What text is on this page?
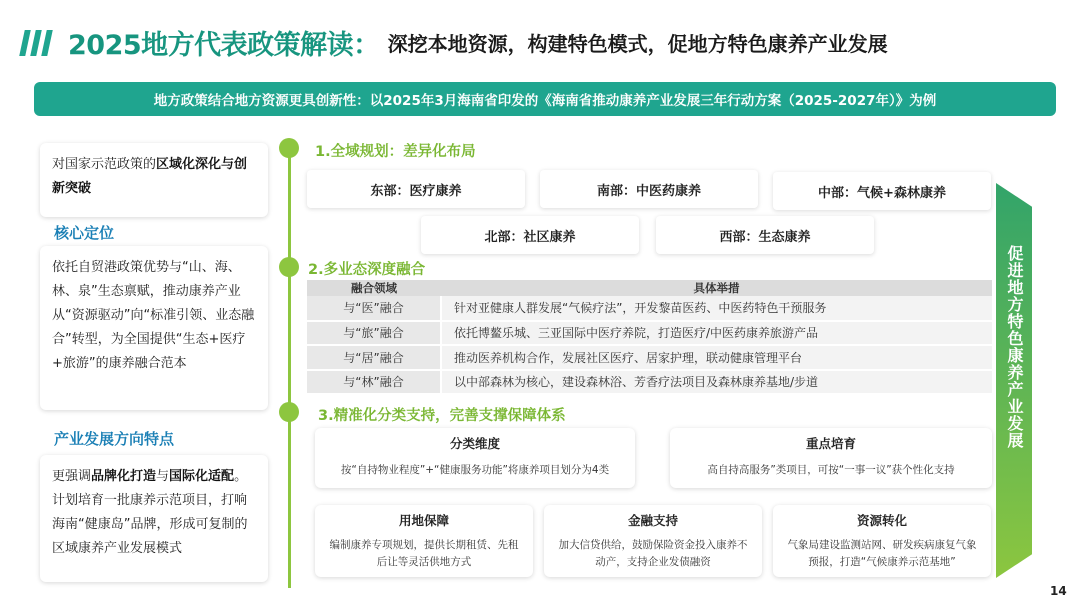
2025地方代表政策解读： 深挖本地资源，构建特色模式，促地方特色康养产业发展
地方政策结合地方资源更具创新性：以2025年3月海南省印发的《海南省推动康养产业发展三年行动方案（2025-2027年）》为例
对国家示范政策的区域化深化与创新突破
核心定位
依托自贸港政策优势与“山、海、林、泉”生态禀赋，推动康养产业从“资源驱动”向“标准引领、业态融合”转型，为全国提供“生态+医疗+旅游”的康养融合范本
产业发展方向特点
更强调品牌化打造与国际化适配。计划培育一批康养示范项目，打响海南“健康岛”品牌，形成可复制的区域康养产业发展模式
1.全域规划：差异化布局
东部：医疗康养	南部：中医药康养	中部：气候+森林康养
北部：社区康养	西部：生态康养
2.多业态深度融合
融合领域	具体举措
与“医”融合	针对亚健康人群发展“气候疗法”，开发黎苗医药、中医药特色干预服务
与“旅”融合	依托博鳌乐城、三亚国际中医疗养院，打造医疗/中医药康养旅游产品
与“居”融合	推动医养机构合作，发展社区医疗、居家护理，联动健康管理平台
与“林”融合	以中部森林为核心，建设森林浴、芳香疗法项目及森林康养基地/步道
3.精准化分类支持，完善支撑保障体系
分类维度
按“自持物业程度”+“健康服务功能”将康养项目划分为4类
重点培育
高自持高服务”类项目，可按“一事一议”获个性化支持
用地保障
编制康养专项规划，提供长期租赁、先租后让等灵活供地方式
金融支持
加大信贷供给，鼓励保险资金投入康养不动产，支持企业发债融资
资源转化
气象局建设监测站网、研发疾病康复气象预报，打造“气候康养示范基地”
促进地方特色康养产业发展
14
